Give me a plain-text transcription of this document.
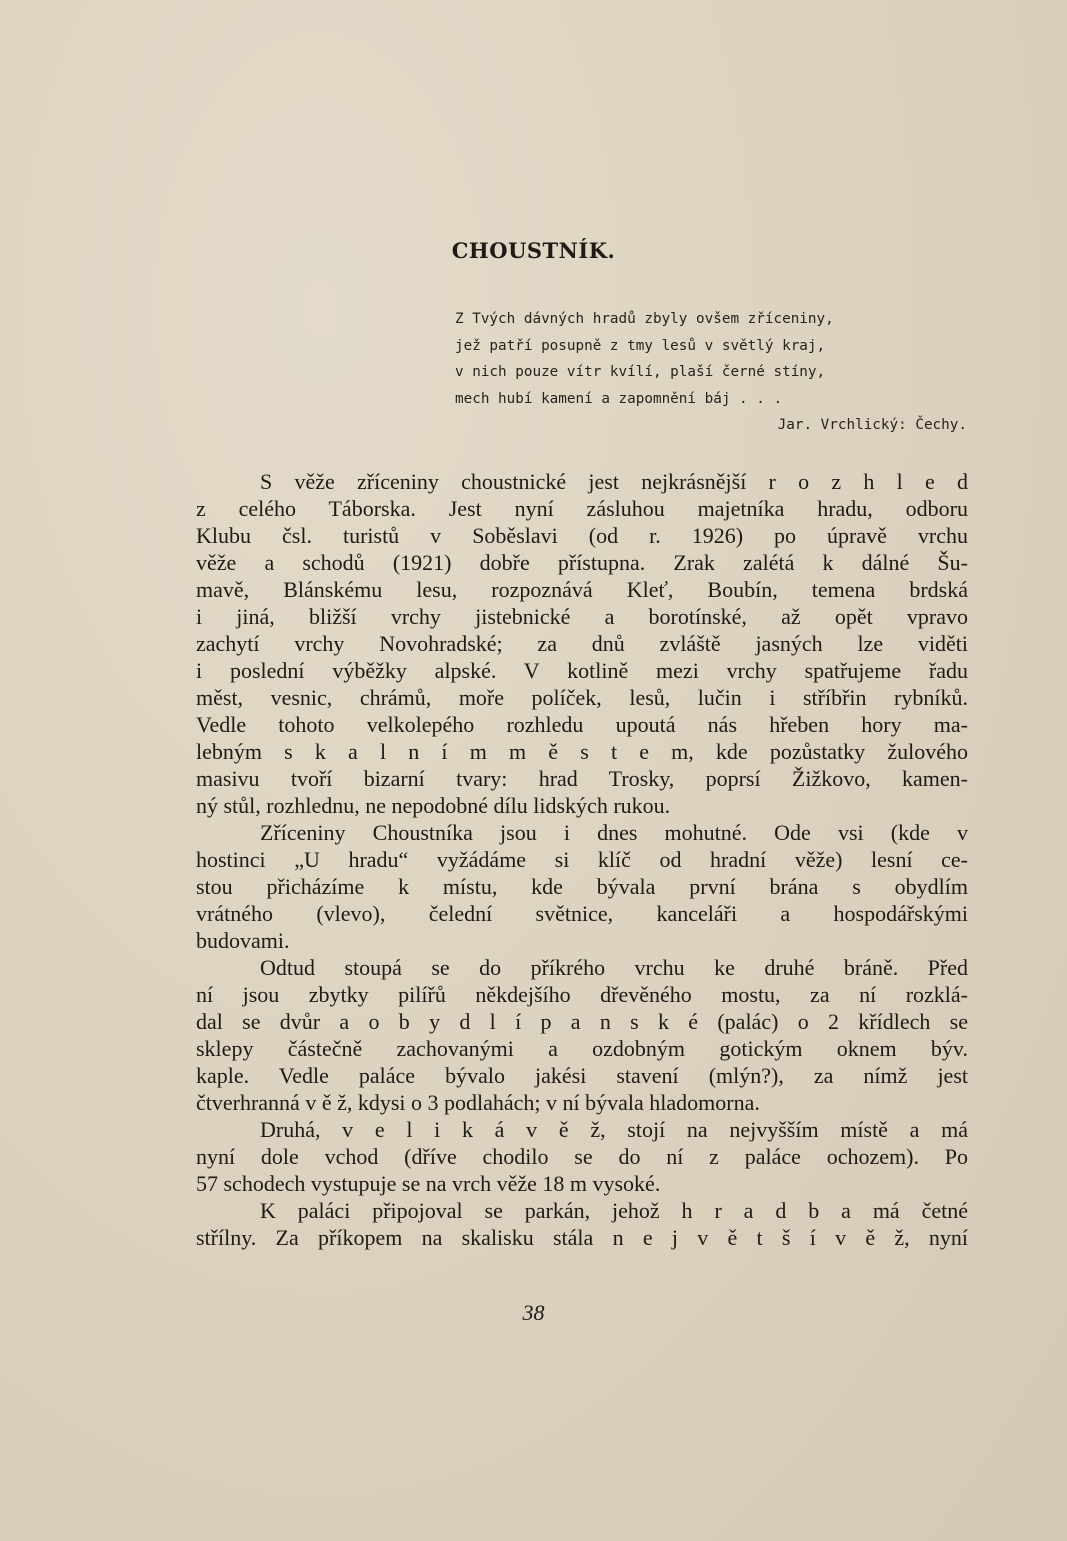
CHOUSTNÍK.
Z Tvých dávných hradů zbyly ovšem zříceniny,
jež patří posupně z tmy lesů v světlý kraj,
v nich pouze vítr kvílí, plaší černé stíny,
mech hubí kamení a zapomnění báj . . .
Jar. Vrchlický: Čechy.
S věže zříceniny choustnické jest nejkrásnější r o z h l e d
z celého Táborska. Jest nyní zásluhou majetníka hradu, odboru
Klubu čsl. turistů v Soběslavi (od r. 1926) po úpravě vrchu
věže a schodů (1921) dobře přístupna. Zrak zalétá k dálné Šu-
mavě, Blánskému lesu, rozpoznává Kleť, Boubín, temena brdská
i jiná, bližší vrchy jistebnické a borotínské, až opět vpravo
zachytí vrchy Novohradské; za dnů zvláště jasných lze viděti
i poslední výběžky alpské. V kotlině mezi vrchy spatřujeme řadu
měst, vesnic, chrámů, moře políček, lesů, lučin i stříbřin rybníků.
Vedle tohoto velkolepého rozhledu upoutá nás hřeben hory ma-
lebným s k a l n í m m ě s t e m, kde pozůstatky žulového
masivu tvoří bizarní tvary: hrad Trosky, poprsí Žižkovo, kamen-
ný stůl, rozhlednu, ne nepodobné dílu lidských rukou.
Zříceniny Choustníka jsou i dnes mohutné. Ode vsi (kde v
hostinci „U hradu“ vyžádáme si klíč od hradní věže) lesní ce-
stou přicházíme k místu, kde bývala první brána s obydlím
vrátného (vlevo), čelední světnice, kanceláři a hospodářskými
budovami.
Odtud stoupá se do příkrého vrchu ke druhé bráně. Před
ní jsou zbytky pilířů někdejšího dřevěného mostu, za ní rozklá-
dal se dvůr a o b y d l í p a n s k é (palác) o 2 křídlech se
sklepy částečně zachovanými a ozdobným gotickým oknem býv.
kaple. Vedle paláce bývalo jakési stavení (mlýn?), za nímž jest
čtverhranná v ě ž, kdysi o 3 podlahách; v ní bývala hladomorna.
Druhá, v e l i k á v ě ž, stojí na nejvyšším místě a má
nyní dole vchod (dříve chodilo se do ní z paláce ochozem). Po
57 schodech vystupuje se na vrch věže 18 m vysoké.
K paláci připojoval se parkán, jehož h r a d b a má četné
střílny. Za příkopem na skalisku stála n e j v ě t š í v ě ž, nyní
38
